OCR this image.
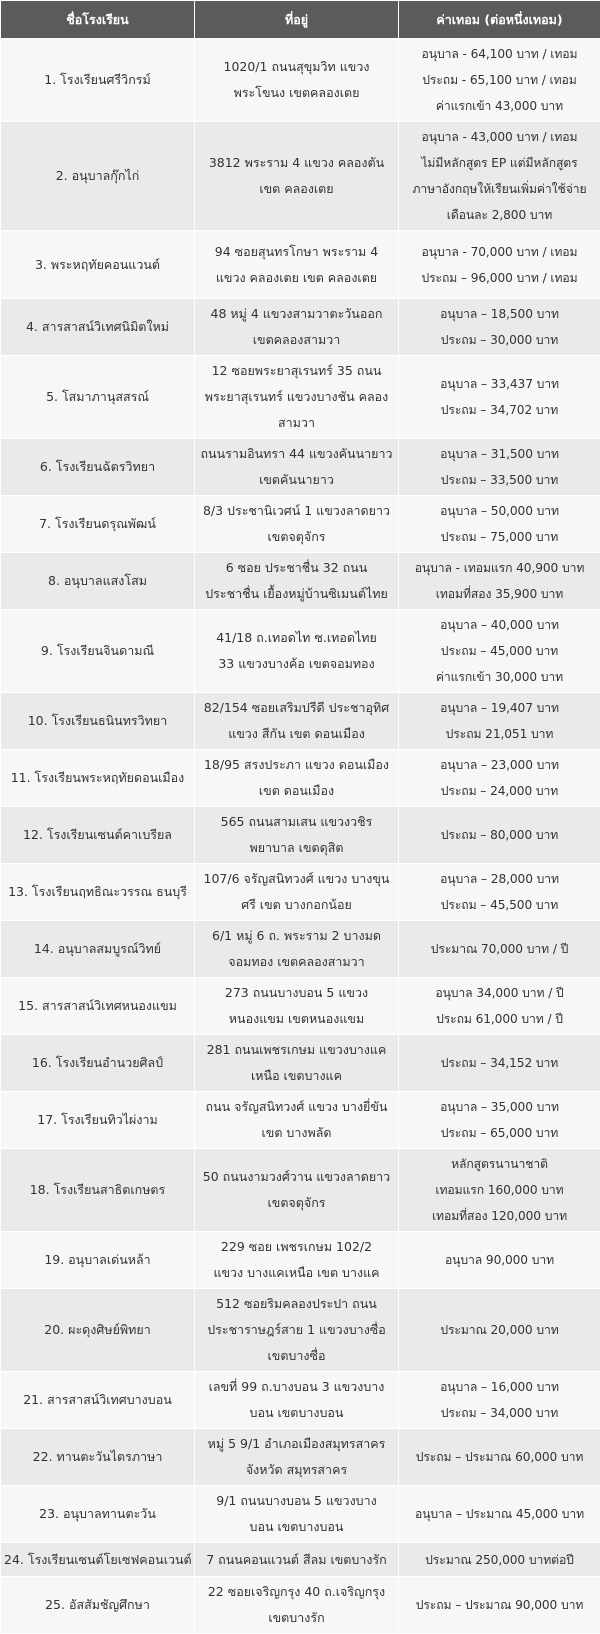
ชื่อโรงเรียน	ที่อยู่	ค่าเทอม (ต่อหนึ่งเทอม)
1. โรงเรียนศรีวิกรม์	1020/1 ถนนสุขุมวิท แขวง
พระโขนง เขตคลองเตย	อนุบาล - 64,100 บาท / เทอม
ประถม - 65,100 บาท / เทอม
ค่าแรกเข้า 43,000 บาท

2. อนุบาลกุ๊กไก่	3812 พระราม 4 แขวง คลองตัน
เขต คลองเตย	อนุบาล - 43,000 บาท / เทอม
ไม่มีหลักสูตร EP แต่มีหลักสูตร
ภาษาอังกฤษให้เรียนเพิ่มค่าใช้จ่าย
เดือนละ 2,800 บาท

3. พระหฤทัยคอนแวนต์	94 ซอยสุนทรโกษา พระราม 4
แขวง คลองเตย เขต คลองเตย	อนุบาล - 70,000 บาท / เทอม
ประถม – 96,000 บาท / เทอม

4. สารสาสน์วิเทศนิมิตใหม่	48 หมู่ 4 แขวงสามวาตะวันออก
เขตคลองสามวา	อนุบาล – 18,500 บาท
ประถม – 30,000 บาท

5. โสมาภานุสสรณ์	12 ซอยพระยาสุเรนทร์ 35 ถนน
พระยาสุเรนทร์ แขวงบางชัน คลอง
สามวา	อนุบาล – 33,437 บาท
ประถม – 34,702 บาท

6. โรงเรียนฉัตรวิทยา	ถนนรามอินทรา 44 แขวงคันนายาว
เขตคันนายาว	อนุบาล – 31,500 บาท
ประถม – 33,500 บาท

7. โรงเรียนดรุณพัฒน์	8/3 ประชานิเวศน์ 1 แขวงลาดยาว
เขตจตุจักร	อนุบาล – 50,000 บาท
ประถม – 75,000 บาท

8. อนุบาลแสงโสม	6 ซอย ประชาชื่น 32 ถนน
ประชาชื่น เยื้องหมู่บ้านซิเมนต์ไทย	อนุบาล - เทอมแรก 40,900 บาท
เทอมที่สอง 35,900 บาท

9. โรงเรียนจินดามณี	41/18 ถ.เทอดไท ซ.เทอดไทย
33 แขวงบางค้อ เขตจอมทอง	อนุบาล – 40,000 บาท
ประถม – 45,000 บาท
ค่าแรกเข้า 30,000 บาท

10. โรงเรียนธนินทรวิทยา	82/154 ซอยเสริมปรีดี ประชาอุทิศ
แขวง สีกัน เขต ดอนเมือง	อนุบาล – 19,407 บาท
ประถม 21,051 บาท

11. โรงเรียนพระหฤทัยดอนเมือง	18/95 สรงประภา แขวง ดอนเมือง
เขต ดอนเมือง	อนุบาล – 23,000 บาท
ประถม – 24,000 บาท

12. โรงเรียนเซนต์คาเบรียล	565 ถนนสามเสน แขวงวชิร
พยาบาล เขตดุสิต	ประถม – 80,000 บาท

13. โรงเรียนฤทธิณะวรรณ ธนบุรี	107/6 จรัญสนิทวงศ์ แขวง บางขุน
ศรี เขต บางกอกน้อย	อนุบาล – 28,000 บาท
ประถม – 45,500 บาท

14. อนุบาลสมบูรณ์วิทย์	6/1 หมู่ 6 ถ. พระราม 2 บางมด
จอมทอง เขตคลองสามวา	ประมาณ 70,000 บาท / ปี

15. สารสาสน์วิเทศหนองแขม	273 ถนนบางบอน 5 แขวง
หนองแขม เขตหนองแขม	อนุบาล 34,000 บาท / ปี
ประถม 61,000 บาท / ปี

16. โรงเรียนอำนวยศิลป์	281 ถนนเพชรเกษม แขวงบางแค
เหนือ เขตบางแค	ประถม – 34,152 บาท

17. โรงเรียนทิวไผ่งาม	ถนน จรัญสนิทวงศ์ แขวง บางยี่ขัน
เขต บางพลัด	อนุบาล – 35,000 บาท
ประถม – 65,000 บาท

18. โรงเรียนสาธิตเกษตร	50 ถนนงามวงศ์วาน แขวงลาดยาว
เขตจตุจักร	หลักสูตรนานาชาติ
เทอมแรก 160,000 บาท
เทอมที่สอง 120,000 บาท

19. อนุบาลเด่นหล้า	229 ซอย เพชรเกษม 102/2
แขวง บางแคเหนือ เขต บางแค	อนุบาล 90,000 บาท

20. ผะดุงศิษย์พิทยา	512 ซอยริมคลองประปา ถนน
ประชาราษฎร์สาย 1 แขวงบางซื่อ
เขตบางซื่อ	ประมาณ 20,000 บาท

21. สารสาสน์วิเทศบางบอน	เลขที่ 99 ถ.บางบอน 3 แขวงบาง
บอน เขตบางบอน	อนุบาล – 16,000 บาท
ประถม – 34,000 บาท

22. ทานตะวันไตรภาษา	หมู่ 5 9/1 อำเภอเมืองสมุทรสาคร
จังหวัด สมุทรสาคร	ประถม – ประมาณ 60,000 บาท

23. อนุบาลทานตะวัน	9/1 ถนนบางบอน 5 แขวงบาง
บอน เขตบางบอน	อนุบาล – ประมาณ 45,000 บาท

24. โรงเรียนเซนต์โยเซฟคอนเวนต์	7 ถนนคอนแวนต์ สีลม เขตบางรัก	ประมาณ 250,000 บาทต่อปี

25. อัสสัมชัญศึกษา	22 ซอยเจริญกรุง 40 ถ.เจริญกรุง
เขตบางรัก	ประถม – ประมาณ 90,000 บาท
